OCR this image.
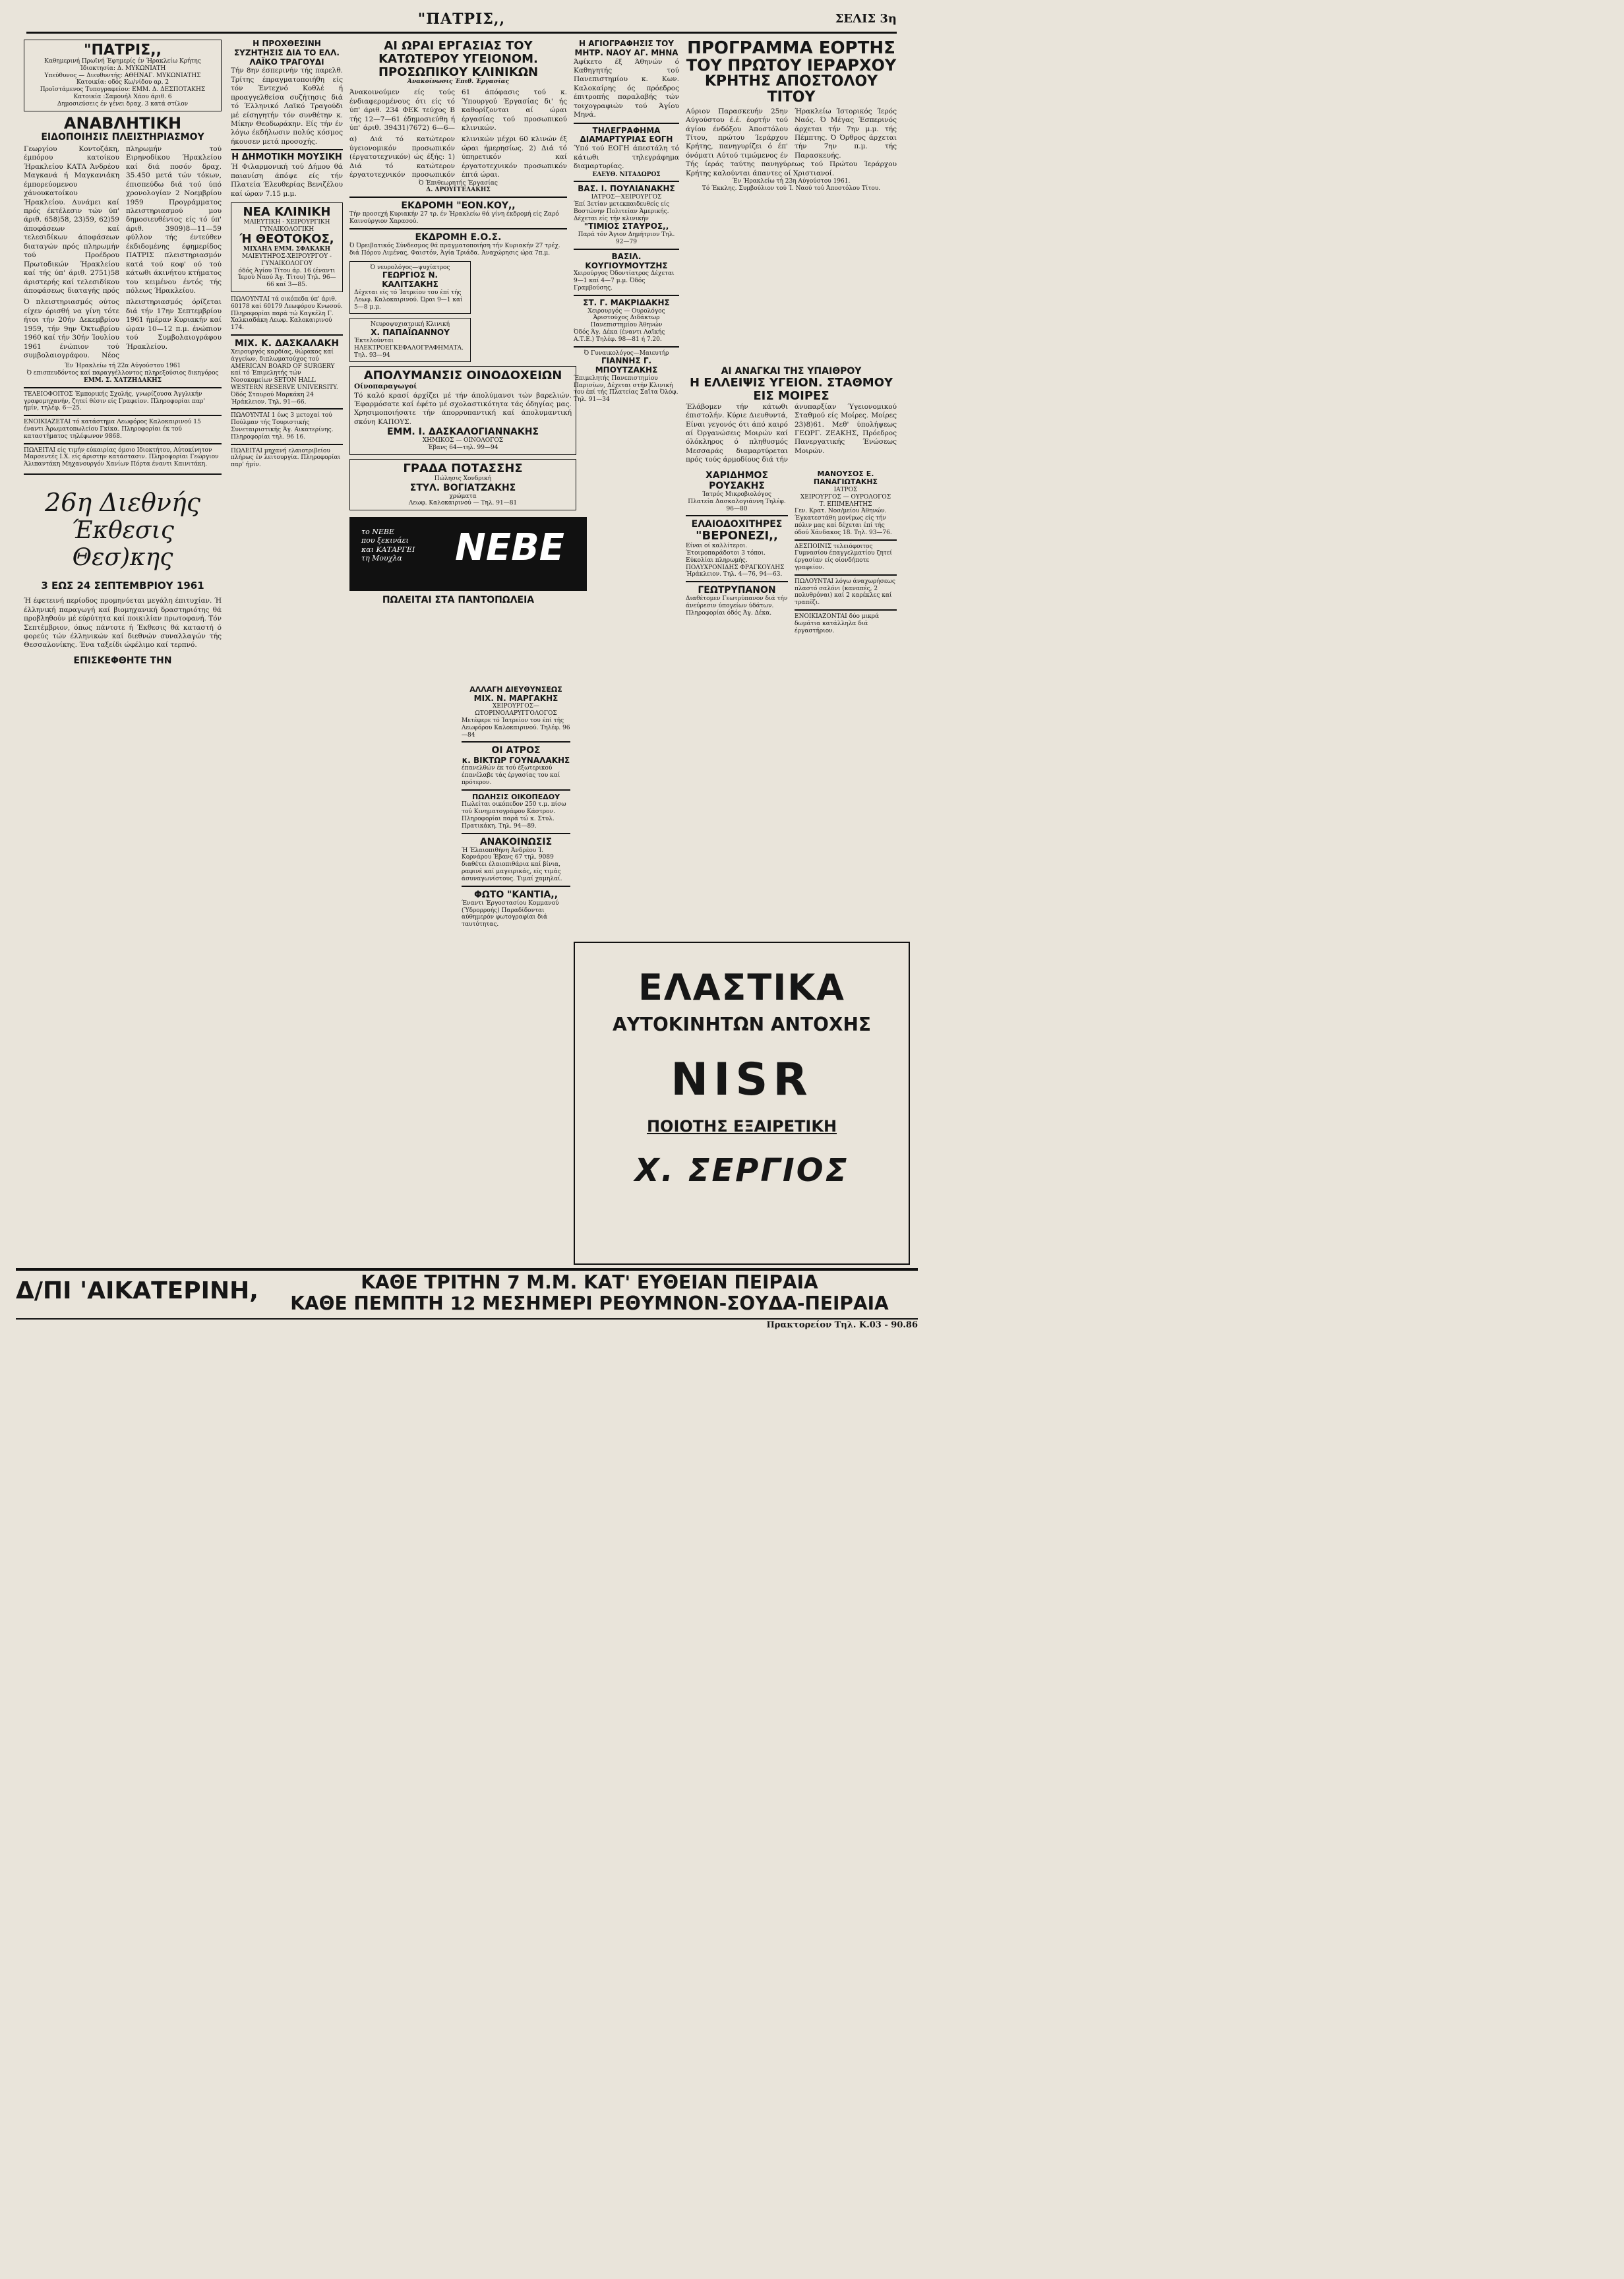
"ΠΑΤΡΙΣ,,	ΣΕΛΙΣ 3η
"ΠΑΤΡΙΣ,,
Καθημερινή Πρωϊνή Έφημερίς έν Ήρακλείω Κρήτης
Ίδιοκτησία: Δ. ΜΥΚΩΝΙΑΤΗ
Υπεύθυνος — Διευθυντής: ΑΘΗΝΑΓ. ΜΥΚΩΝΙΑΤΗΣ
Κατοικία: οδός Κω/νίδου αρ. 2
Προϊστάμενος Τυπογραφείου: ΕΜΜ. Δ. ΔΕΣΠΟΤΑΚΗΣ
Κατοικία :Σαμουήλ Χάου άριθ. 6
Δημοσιεύσεις έν γένει δραχ. 3 κατά στίλον
ΑΝΑΒΛΗΤΙΚΗ
ΕΙΔΟΠΟΙΗΣΙΣ ΠΛΕΙΣΤΗΡΙΑΣΜΟΥ
Γεωργίου Κοντοζάκη, έμπόρου κατοίκου Ήρακλείου ΚΑΤΑ Άνδρέου Μαγκανά ή Μαγκανιάκη έμπορεύομενου χάνουκατοίκου Ήρακλείου. Δυνάμει καί πρός έκτέλεσιν τών ύπ' άριθ. 658)58, 23)59, 62)59 άποφάσεων καί τελεσιδίκων άποφάσεων διαταγών πρός πληρωμήν τού Προέδρου Πρωτοδικών Ήρακλείου καί τής ύπ' άριθ. 2751)58 άριστερής καί τελεσιδίκου άποφάσεως διαταγής πρός πληρωμήν τού Ειρηνοδίκου Ήρακλείου καί διά ποσόν δραχ. 35.450 μετά τών τόκων, έπισπεύδω διά τού ύπό χρονολογίαν 2 Νοεμβρίου 1959 Προγράμματος πλειστηριασμού μου δημοσιευθέντος είς τό ύπ' άριθ. 3909)8—11—59 φύλλον τής έντεύθεν έκδιδομένης έφημερίδος ΠΑΤΡΙΣ πλειστηριασμόν κατά τού κοφ' ού τού κάτωθι άκινήτου κτήματος του κειμένου έντός τής πόλεως Ήρακλείου.
Ό πλειστηριασμός ούτος είχεν όρισθή να γίνη τότε ήτοι τήν 20ήν Δεκεμβρίου 1959, τήν 9ην Όκτωβρίου 1960 καί τήν 30ήν Ίουλίου 1961 ένώπιον τού συμβολαιογράφου. Νέος πλειστηριασμός όρίζεται διά τήν 17ην Σεπτεμβρίου 1961 ήμέραν Κυριακήν καί ώραν 10—12 π.μ. ένώπιον τού Συμβολαιογράφου Ήρακλείου.
Έν Ήρακλείω τή 22α Αύγούστου 1961
Ό επισπευδόντος καί παραγγέλλοντος πληρεξούσιος δικηγόρος
ΕΜΜ. Σ. ΧΑΤΖΗΔΑΚΗΣ
ΤΕΛΕΙΟΦΟΙΤΟΣ Έμπορικής Σχολής, γνωρίζουσα Άγγλικήν γραφομηχανήν, ζητεί θέσιν είς Γραφείον. Πληροφορίαι παρ' ήμίν, τηλέφ. 6—25.
ΕΝΟΙΚΙΑΖΕΤΑΙ τό κατάστημα Λεωφόρος Καλοκαιρινού 15 έναντι Άρωματοπωλείου Γκίκα. Πληροφορίαι έκ τού καταστήματος τηλέφωνον 9868.
ΠΩΛΕΙΤΑΙ είς τιμήν εύκαιρίας όμοιο Ιδιοκτήτου, Αύτοκίνητον Mαρσεντές I.X. είς άριστην κατάστασιν. Πληροφορίαι Γεώργιον Άλιπαντάκη Μηχανουργόν Χανίων Πόρτα έναντι Καινιτάκη.
26η Διεθνής
Έκθεσις Θεσ)κης
3 ΕΩΣ 24 ΣΕΠΤΕΜΒΡΙΟΥ 1961
Ή έφετεινή περίοδος προμηνύεται μεγάλη έπιτυχίαν. Ή έλληνική παραγωγή καί βιομηχανική δραστηριότης θά προβληθούν μέ εύρύτητα καί ποικιλίαν πρωτοφανή. Τόν Σεπτέμβριον, όπως πάντοτε ή Έκθεσις θά καταστή ό φορεύς τών έλληνικών καί διεθνών συναλλαγών τής Θεσσαλονίκης. Ένα ταξείδι ώφέλιμο καί τερπνό.
ΕΠΙΣΚΕΦΘΗΤΕ ΤΗΝ
Η ΠΡΟΧΘΕΣΙΝΗ ΣΥΖΗΤΗΣΙΣ ΔΙΑ ΤΟ ΕΛΛ. ΛΑΪΚΟ ΤΡΑΓΟΥΔΙ
Τήν 8ην έσπερινήν τής παρελθ. Τρίτης έπραγματοποιήθη είς τόν Έντεχνό Κοθλέ ή προαγγελθείσα συζήτησις διά τό Έλληνικό Λαϊκό Τραγούδι μέ είσηγητήν τόν συνθέτην κ. Μίκην Θεοδωράκην. Είς τήν έν λόγω έκδήλωσιν πολύς κόσμος ήκουσεν μετά προσοχής.
Η ΔΗΜΟΤΙΚΗ ΜΟΥΣΙΚΗ
Ή Φιλαρμονική τού Δήμου θά παιανίση άπόψε είς τήν Πλατεία Έλευθερίας Βενιζέλου καί ώραν 7.15 μ.μ.
ΝΕΑ ΚΛΙΝΙΚΗ
ΜΑΙΕΥΤΙΚΗ - ΧΕΙΡΟΥΡΓΙΚΗ ΓΥΝΑΙΚΟΛΟΓΙΚΗ
Ή ΘΕΟΤΟΚΟΣ,
ΜΙΧΑΗΛ ΕΜΜ. ΣΦΑΚΑΚΗ
ΜΑΙΕΥΤΗΡΟΣ-ΧΕΙΡΟΥΡΓΟΥ - ΓΥΝΑΙΚΟΛΟΓΟΥ
όδός Άγίου Τίτου άρ. 16 (έναντι Ίερού Ναού Άγ. Τίτου) Τηλ. 96—66 καί 3—85.
ΠΩΛΟΥΝΤΑΙ τά οικόπεδα ύπ' άριθ. 60178 καί 60179 Λεωφόρου Κνωσού. Πληροφορίαι παρά τώ Καγκέλη Γ. Χαλκιαδάκη Λεωφ. Καλοκαιρινού 174.
ΜΙΧ. Κ. ΔΑΣΚΑΛΑΚΗ
Χειρουργός καρδίας, θώρακος καί άγγείων, διπλωματούχος τού AMERICAN BOARD OF SURGERY καί τό Έπιμελητής τών Νοσοκομείων SETON HALL WESTERN RESERVE UNIVERSITY. Όδός Σταυρού Μαρκάκη 24 Ήράκλειον. Τηλ. 91—66.
ΠΩΛΟΥΝΤΑΙ 1 έως 3 μετοχαί τού Πούλμαν τής Τουριστικής Συνεταιριστικής Άγ. Αικατερίνης. Πληροφορίαι τηλ. 96 16.
ΠΩΛΕΙΤΑΙ μηχανή ελαιοτριβείου πλήρως έν λειτουργία. Πληροφορίαι παρ' ήμίν.
ΑΙ ΩΡΑΙ ΕΡΓΑΣΙΑΣ ΤΟΥ ΚΑΤΩΤΕΡΟΥ ΥΓΕΙΟΝΟΜ. ΠΡΟΣΩΠΙΚΟΥ ΚΛΙΝΙΚΩΝ
Άνακοίνωσις Έπιθ. Έργασίας
Άνακοινούμεν είς τούς ένδιαφερομένους ότι είς τό ύπ' άριθ. 234 ΦΕΚ τεύχος Β τής 12—7—61 έδημοσιεύθη ή ύπ' άριθ. 39431)7672) 6—6—61 άπόφασις τού κ. Ύπουργού Έργασίας δι' ής καθορίζονται αί ώραι έργασίας τού προσωπικού κλινικών.
α) Διά τό κατώτερον ύγειονομικόν προσωπικόν (έργατοτεχνικόν) ώς έξής: 1) Διά τό κατώτερον έργατοτεχνικόν προσωπικόν κλινικών μέχρι 60 κλινών έξ ώραι ήμερησίως. 2) Διά τό ύπηρετικόν καί έργατοτεχνικόν προσωπικόν έπτά ώραι.
Ό Έπιθεωρητής Έργασίας
Δ. ΔΡΟΥΓΓΕΛΑΚΗΣ
ΕΚΔΡΟΜΗ "ΕΟΝ.ΚΟΥ,,
Τήν προσεχή Κυριακήν 27 τρ. έν Ήρακλείω θά γίνη έκδρομή είς Ζαρό Καινούργιον Χαρασού.
ΕΚΔΡΟΜΗ Ε.Ο.Σ.
Ό Όρειβατικός Σύνδεσμος θά πραγματοποιήση τήν Κυριακήν 27 τρέχ. διά Πόρου Λιμένας, Φαιστόν, Άγία Τριάδα. Άναχώρησις ώρα 7π.μ.
Ό νευρολόγος—ψυχίατρος
ΓΕΩΡΓΙΟΣ Ν. ΚΑΛΙΤΣΑΚΗΣ
Δέχεται είς τό Ίατρείον του έπί τής Λεωφ. Καλοκαιρινού. Ώραι 9—1 καί 5—8 μ.μ.
Νευροψυχιατρική Κλινική
Χ. ΠΑΠΑΪΩΑΝΝΟΥ
Έκτελούνται ΗΛΕΚΤΡΟΕΓΚΕΦΑΛΟΓΡΑΦΗΜΑΤΑ. Τηλ. 93—94
ΑΠΟΛΥΜΑΝΣΙΣ ΟΙΝΟΔΟΧΕΙΩΝ
Οίνοπαραγωγοί
Τό καλό κρασί άρχίζει μέ τήν άπολύμανσι τών βαρελιών. Έφαρμόσατε καί έφέτο μέ σχολαστικότητα τάς όδηγίας μας. Χρησιμοποιήσατε τήν άπορρυπαντική καί άπολυμαντική σκόνη ΚΑΠΟΥΣ.
ΕΜΜ. Ι. ΔΑΣΚΑΛΟΓΙΑΝΝΑΚΗΣ
ΧΗΜΙΚΟΣ — ΟΙΝΟΛΟΓΟΣ
Έβανς 64—τηλ. 99—94
ΓΡΑΔΑ ΠΟΤΑΣΣΗΣ
Πώλησις Χονδρική
ΣΤΥΛ. ΒΟΓΙΑΤΖΑΚΗΣ
χρώματα
Λεωφ. Καλοκαιρινού — Τηλ. 91—81
το ΝΕΒΕ
που ξεκινάει
και ΚΑΤΑΡΓΕΙ
τη Μουχλα	ΝΕΒΕ
ΠΩΛΕΙΤΑΙ ΣΤΑ ΠΑΝΤΟΠΩΛΕΙΑ
Η ΑΓΙΟΓΡΑΦΗΣΙΣ ΤΟΥ ΜΗΤΡ. ΝΑΟΥ ΑΓ. ΜΗΝΑ
Άφίκετο έξ Άθηνών ό Καθηγητής τού Πανεπιστημίου κ. Κων. Καλοκαίρης ός πρόεδρος έπιτροπής παραλαβής τών τοιχογραφιών τού Άγίου Μηνά.
ΤΗΛΕΓΡΑΦΗΜΑ ΔΙΑΜΑΡΤΥΡΙΑΣ ΕΟΓΗ
Ύπό τού ΕΟΓΗ άπεστάλη τό κάτωθι τηλεγράφημα διαμαρτυρίας.
ΕΛΕΥΘ. ΝΙΤΑΔΩΡΟΣ
ΒΑΣ. Ι. ΠΟΥΛΙΑΝΑΚΗΣ
ΙΑΤΡΟΣ—ΧΕΙΡΟΥΡΓΟΣ
Έπί 3ετίαν μετεκπαιδευθείς είς Βοστώνην Πολιτείαν Άμερικής. Δέχεται είς τήν κλινικήν
"ΤΙΜΙΟΣ ΣΤΑΥΡΟΣ,,
Παρά τόν Άγιον Δημήτριον Τηλ. 92—79
ΒΑΣΙΛ. ΚΟΥΓΙΟΥΜΟΥΤΖΗΣ
Χειρούργος Όδοντίατρος Δέχεται 9—1 καί 4—7 μ.μ. Όδός Γραμβούσης.
ΣΤ. Γ. ΜΑΚΡΙΔΑΚΗΣ
Χειρουργός — Ουρολόγος
Άριστούχος Διδάκτωρ Πανεπιστημίου Άθηνών
Όδός Άγ. Δέκα (έναντι Λαϊκής Α.Τ.Ε.) Τηλέφ. 98—81 ή 7.20.
Ό Γυναικολόγος—Μαιευτήρ
ΓΙΑΝΝΗΣ Γ. ΜΠΟΥΤΖΑΚΗΣ
Έπιμελητής Πανεπιστημίου Παρισίων, Δέχεται στήν Κλινική του έπί τής Πλατείας Σαΐτα Όλόφ. Τηλ. 91—34
ΠΡΟΓΡΑΜΜΑ ΕΟΡΤΗΣ
ΤΟΥ ΠΡΩΤΟΥ ΙΕΡΑΡΧΟΥ
ΚΡΗΤΗΣ ΑΠΟΣΤΟΛΟΥ ΤΙΤΟΥ
Αύριον Παρασκευήν 25ην Αύγούστου έ.έ. έορτήν τού άγίου ένδόξου Άποστόλου Τίτου, πρώτου Ίεράρχου Κρήτης, πανηγυρίζει ό έπ' όνόματι Αύτού τιμώμενος έν Ήρακλείω Ίστορικός Ίερός Ναός. Ό Μέγας Έσπερινός άρχεται τήν 7ην μ.μ. τής Πέμπτης. Ό Όρθρος άρχεται τήν 7ην π.μ. τής Παρασκευής.
Τής ίεράς ταύτης πανηγύρεως τού Πρώτου Ίεράρχου Κρήτης καλούνται άπαντες οί Χριστιανοί.
Έν Ήρακλείω τή 23η Αύγούστου 1961.
Τό Έκκλης. Συμβούλιον τού Ί. Ναού τού Άποστόλου Τίτου.
ΑΙ ΑΝΑΓΚΑΙ ΤΗΣ ΥΠΑΙΘΡΟΥ
Η ΕΛΛΕΙΨΙΣ ΥΓΕΙΟΝ. ΣΤΑΘΜΟΥ ΕΙΣ ΜΟΙΡΕΣ
Έλάβομεν τήν κάτωθι έπιστολήν. Κύριε Διευθυντά, Είναι γεγονός ότι άπό καιρό αί Όργανώσεις Μοιρών καί όλόκληρος ό πληθυσμός Μεσσαράς διαμαρτύρεται πρός τούς άρμοδίους διά τήν άνυπαρξίαν Ύγειονομικού Σταθμού είς Μοίρες. Μοίρες 23)8)61. Μεθ' ύπολήψεως ΓΕΩΡΓ. ΖΕΑΚΗΣ, Πρόεδρος Πανεργατικής Ένώσεως Μοιρών.
ΧΑΡΙΔΗΜΟΣ ΡΟΥΣΑΚΗΣ
Ίατρός Μικροβιολόγος
Πλατεία Δασκαλογιάννη Τηλέφ. 96—80
ΕΛΑΙΟΔΟΧΙΤΗΡΕΣ
"ΒΕΡΟΝΕΖΙ,,
Είναι οί καλλίτεροι. Έτοιμοπαράδοτοι 3 τόποι. Εύκολίαι πληρωμής. ΠΟΛΥΧΡΟΝΙΔΗΣ ΦΡΑΓΚΟΥΛΗΣ Ήράκλειον. Τηλ. 4—76, 94—63.
ΓΕΩΤΡΥΠΑΝΟΝ
Διαθέτομεν Γεωτρύπανον διά τήν άνεύρεσιν ύπογείων ύδάτων. Πληροφορίαι όδός Άγ. Δέκα.
ΜΑΝΟΥΣΟΣ Ε. ΠΑΝΑΓΙΩΤΑΚΗΣ
ΙΑΤΡΟΣ
ΧΕΙΡΟΥΡΓΟΣ — ΟΥΡΟΛΟΓΟΣ
Τ. ΕΠΙΜΕΛΗΤΗΣ
Γεν. Κρατ. Νοσ/μείου Άθηνών. Έγκατεστάθη μονίμως είς τήν πόλιν μας καί δέχεται έπί τής όδού Χάνδακος 18. Τηλ. 93—76.
ΔΕΣΠΟΙΝΙΣ τελειόφοιτος Γυμνασίου έπαγγελματίου ζητεί έργασίαν είς οίονδήποτε γραφείον.
ΠΩΛΟΥΝΤΑΙ λόγω άναχωρήσεως πλαστό σαλόνι (καναπές, 2 πολυθρόναι) καί 2 καρέκλες καί τραπέζι.
ΕΝΟΙΚΙΑΖΟΝΤΑΙ δύο μικρά δωμάτια κατάλληλα διά έργαστήριον.
ΑΛΛΑΓΗ ΔΙΕΥΘΥΝΣΕΩΣ
ΜΙΧ. Ν. ΜΑΡΓΑΚΗΣ
ΧΕΙΡΟΥΡΓΟΣ—ΩΤΟΡΙΝΟΛΑΡΥΓΓΟΛΟΓΟΣ
Μετέφερε τό Ίατρείον του έπί τής Λεωφόρου Καλοκαιρινού. Τηλέφ. 96—84
ΟΙ ΑΤΡΟΣ
κ. ΒΙΚΤΩΡ ΓΟΥΝΑΛΑΚΗΣ
έπανελθών έκ τού έξωτερικού έπανέλαβε τάς έργασίας του καί πρότερον.
ΠΩΛΗΣΙΣ ΟΙΚΟΠΕΔΟΥ
Πωλείται οικόπεδον 250 τ.μ. πίσω τού Κινηματογράφου Κάστρον. Πληροφορίαι παρά τώ κ. Στυλ. Πρατικάκη. Τηλ. 94—89.
ΑΝΑΚΟΙΝΩΣΙΣ
Ή Έλαιοπιθήνη Άνδρέου Ί. Κορνάρου Έβανς 67 τηλ. 9089 διαθέτει έλαιοπιθάρια καί βίνια, ραφινέ καί μαγειρικάς, είς τιμάς άσυναγωνίστους. Τιμαί χαμηλαί.
ΦΩΤΟ "ΚΑΝΤΙΑ,,
Έναντι Έργοστασίου Κομμανού (Ύδρορροής) Παραδίδονται αύθημερόν φωτογραφίαι διά ταυτότητας.
ΕΛΑΣΤΙΚΑ
ΑΥΤΟΚΙΝΗΤΩΝ ΑΝΤΟΧΗΣ
NISR
ΠΟΙΟΤΗΣ ΕΞΑΙΡΕΤΙΚΗ
Χ. ΣΕΡΓΙΟΣ
Δ/ΠΙ 'ΑΙΚΑΤΕΡΙΝΗ,	ΚΑΘΕ ΤΡΙΤΗΝ 7 Μ.Μ. ΚΑΤ' ΕΥΘΕΙΑΝ ΠΕΙΡΑΙΑ
ΚΑΘΕ ΠΕΜΠΤΗ 12 ΜΕΣΗΜΕΡΙ ΡΕΘΥΜΝΟΝ-ΣΟΥΔΑ-ΠΕΙΡΑΙΑ
Πρακτορείον Τηλ. Κ.03 - 90.86
